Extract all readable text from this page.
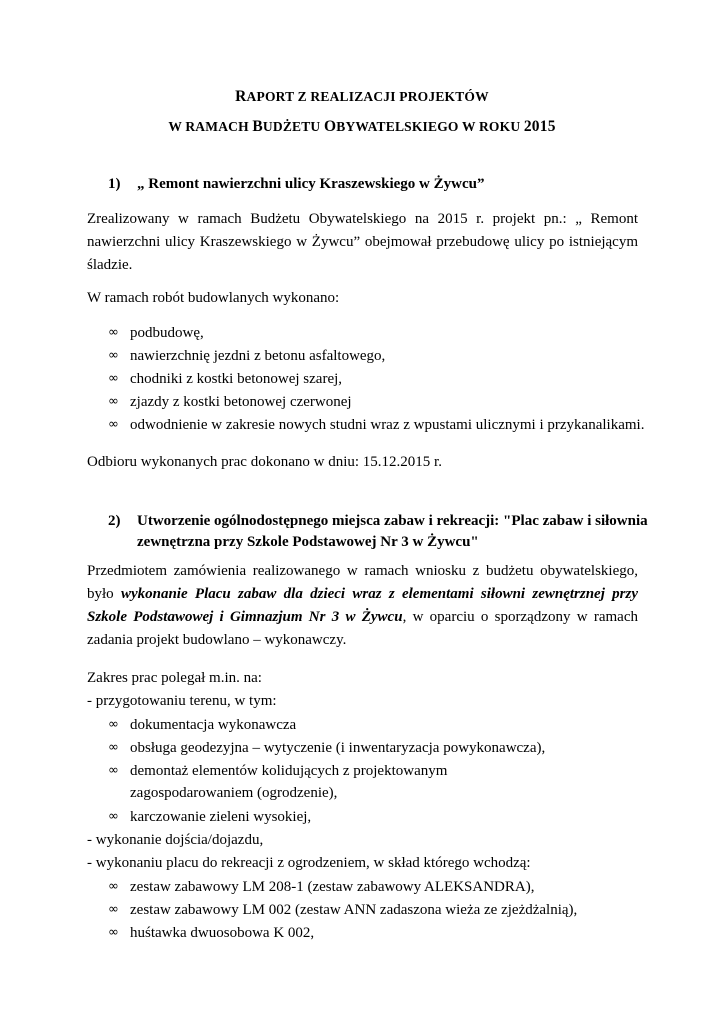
RAPORT Z REALIZACJI PROJEKTÓW
W RAMACH BUDŻETU OBYWATELSKIEGO W ROKU 2015
1) „ Remont nawierzchni ulicy Kraszewskiego w Żywcu”
Zrealizowany w ramach Budżetu Obywatelskiego na 2015 r. projekt pn.: „ Remont nawierzchni ulicy Kraszewskiego w Żywcu” obejmował przebudowę ulicy po istniejącym śladzie.
W ramach robót budowlanych wykonano:
∞ podbudowę,
∞ nawierzchnię jezdni z betonu asfaltowego,
∞ chodniki z kostki betonowej szarej,
∞ zjazdy z kostki betonowej czerwonej
∞ odwodnienie w zakresie nowych studni wraz z wpustami ulicznymi i przykanalikami.
Odbioru wykonanych prac dokonano w dniu: 15.12.2015 r.
2) Utworzenie ogólnodostępnego miejsca zabaw i rekreacji: "Plac zabaw i siłownia
zewnętrzna przy Szkole Podstawowej Nr 3 w Żywcu"
Przedmiotem zamówienia realizowanego w ramach wniosku z budżetu obywatelskiego, było wykonanie Placu zabaw dla dzieci wraz z elementami siłowni zewnętrznej przy Szkole Podstawowej i Gimnazjum Nr 3 w Żywcu, w oparciu o sporządzony w ramach zadania projekt budowlano – wykonawczy.
Zakres prac polegał m.in. na:
- przygotowaniu terenu, w tym:
∞ dokumentacja wykonawcza
∞ obsługa geodezyjna – wytyczenie (i inwentaryzacja powykonawcza),
∞ demontaż elementów kolidujących z projektowanym zagospodarowaniem (ogrodzenie),
∞ karczowanie zieleni wysokiej,
- wykonanie dojścia/dojazdu,
- wykonaniu placu do rekreacji z ogrodzeniem, w skład którego wchodzą:
∞ zestaw zabawowy LM 208-1 (zestaw zabawowy ALEKSANDRA),
∞ zestaw zabawowy LM 002 (zestaw ANN zadaszona wieża ze zjeżdżalnią),
∞ huśtawka dwuosobowa K 002,
